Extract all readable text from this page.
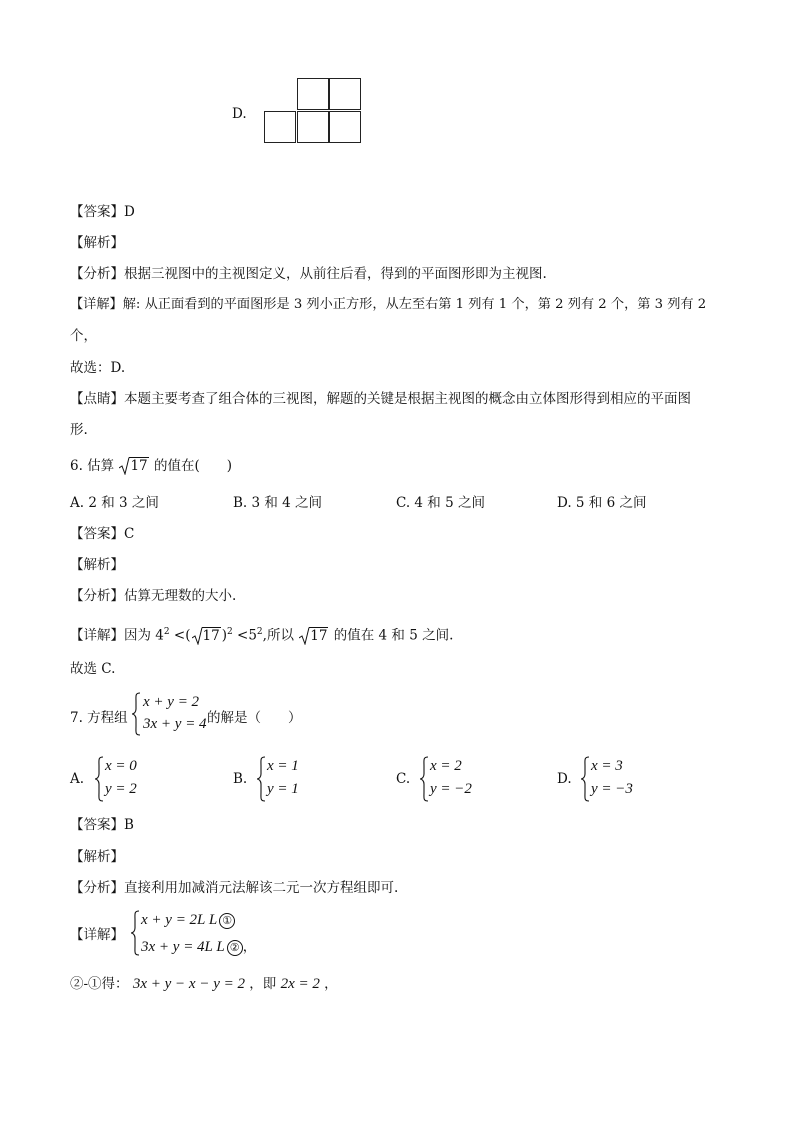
D.
【答案】D
【解析】
【分析】根据三视图中的主视图定义，从前往后看，得到的平面图形即为主视图.
【详解】解: 从正面看到的平面图形是 3 列小正方形，从左至右第 1 列有 1 个，第 2 列有 2 个，第 3 列有 2
个，
故选：D.
【点睛】本题主要考查了组合体的三视图，解题的关键是根据主视图的概念由立体图形得到相应的平面图
形.
6. 估算 17 的值在(　　)
A. 2 和 3 之间	B. 3 和 4 之间	C. 4 和 5 之间	D. 5 和 6 之间
【答案】C
【解析】
【分析】估算无理数的大小.
【详解】因为 $4^2$ <( 17 )$^2 <5^2$,所以 17 的值在 4 和 5 之间.
故选 C.
7. 方程组
x + y = 2
3x + y = 4 的解是（　　）
A.
x = 0
y = 2
B.
x = 1
y = 1
C.
x = 2
y = −2
D.
x = 3
y = −3
【答案】B
【解析】
【分析】直接利用加减消元法解该二元一次方程组即可.
【详解】
x + y = 2L L ①
3x + y = 4L L ② ，
②-①得： 3x + y − x − y = 2 ，即 2x = 2 ，
